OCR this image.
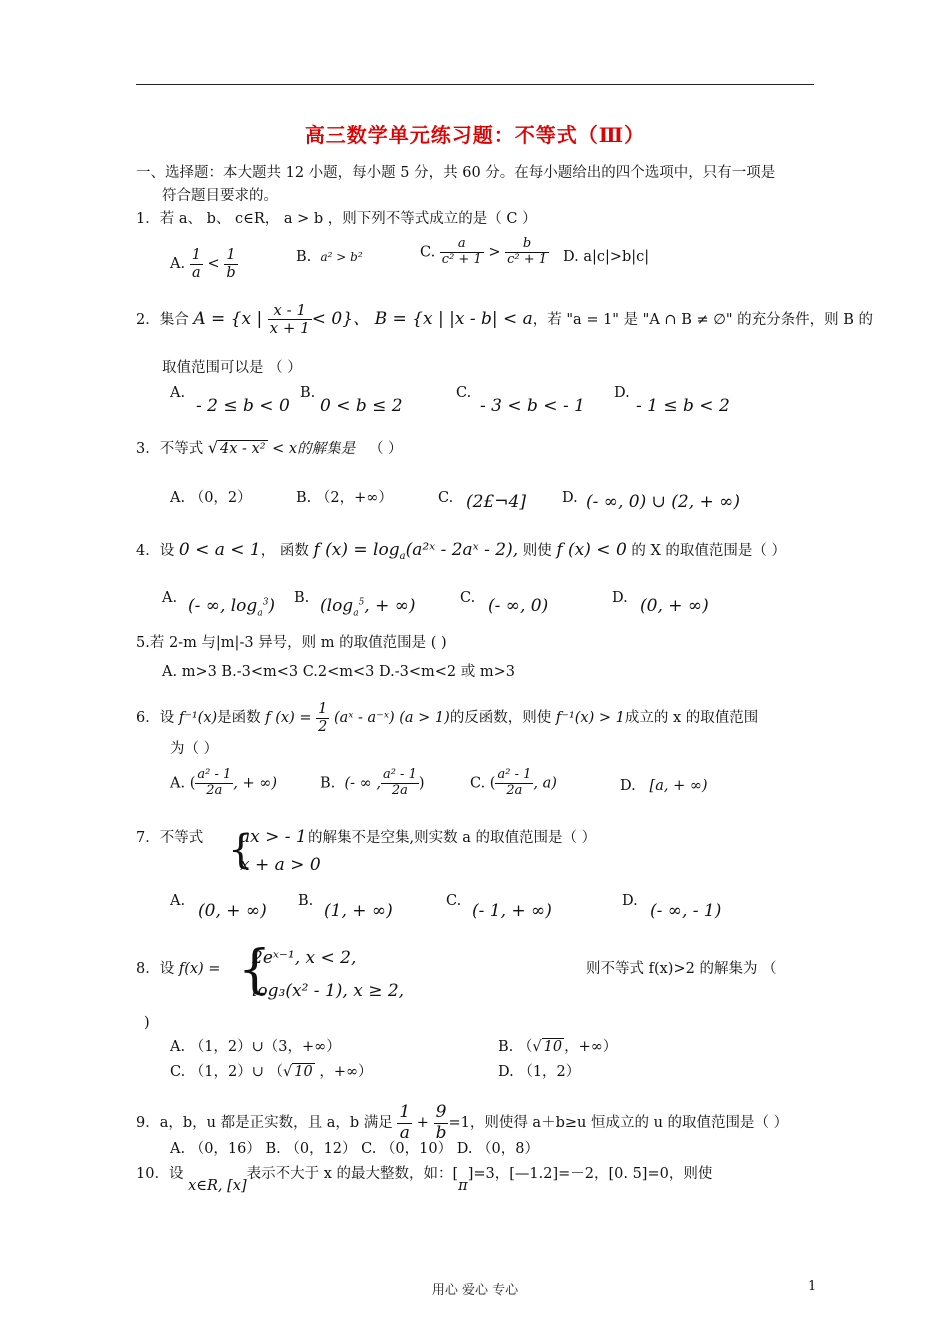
高三数学单元练习题：不等式（Ⅲ）
一、选择题：本大题共 12 小题，每小题 5 分，共 60 分。在每小题给出的四个选项中，只有一项是
符合题目要求的。
1．若 a、 b、 c∈R， a > b ，则下列不等式成立的是（ C ）
A. $\frac{1}{a} < \frac{1}{b}$	B. a² > b²	C. $\frac{a}{\text{c² + 1}} > \frac{b}{\text{c² + 1}} D$. a|c|>b|c|
2．集合 A = {x | $\frac{x - 1}{x + 1} < 0$}、 B = {x | |x - b| < a，若 "a = 1" 是 "A ∩ B ≠ ∅" 的充分条件，则 B 的
取值范围可以是 （ ）
A.
- 2 ≤ b < 0
B.
0 < b ≤ 2
C.
- 3 < b < - 1
D.
- 1 ≤ b < 2
3．不等式 √ 4x - x² < x的解集是 （ ）
A. （0，2）	B. （2，+∞）	C. (2£¬4] D. (- ∞, 0) ∪ (2, + ∞)
4．设 0 < a < 1， 函数 f $(x) = \log_a(a^2ˣ$ - 2aˣ - 2), 则使 f (x) < 0 的 X 的取值范围是（ ）
A. (- ∞, $\log_a^3$) B. ($\log_a^5$, + ∞)	C. (- ∞, 0)	D. (0, + ∞)
5.若 2-m 与|m|-3 异号，则 m 的取值范围是 ( )
A. m>3 B.-3<m<3 C.2<m<3 D.-3<m<2 或 m>3
6．设 f⁻¹(x)是函数 f $(x) = \frac{1}{2}$ (aˣ - a⁻ˣ) (a > 1)的反函数，则使 f⁻¹(x) > 1成立的 x 的取值范围
为（ ）
A. ( $\frac{\text{a² - 1}}{2a}$ , + ∞)	B. (- ∞ , $\frac{\text{a² - 1}}{2a}$ )	C. ( $\frac{\text{a² - 1}}{2a}$ , a)	D. [a, + ∞)
7．不等式 {
ax > - 1
x + a > 0
的解集不是空集,则实数 a 的取值范围是（ ）
A. (0, + ∞) B. (1, + ∞)	C. (- 1, + ∞)	D. (- ∞, - 1)
8．设 f(x) = {
2eˣ⁻¹, x < 2,
log₃(x² - 1), x ≥ 2,
则不等式 f(x)>2 的解集为 （
)
A. （1，2）∪（3，+∞）	B. （√ 10 ，+∞）
C. （1，2）∪ （√ 10 ，+∞）	D. （1，2）
9．a，b，u 都是正实数，且 a，b 满足 $\frac{1}{a} + \frac{9}{b} =1$，则使得 a＋b≥u 恒成立的 u 的取值范围是（ ）
A. （0，16） B. （0，12） C. （0，10） D. （0，8）
10．设 x∈R, [x]表示不大于 x 的最大整数，如：[π]=3，[—1.2]=－2，[0. 5]=0，则使
用心 爱心 专心	1
